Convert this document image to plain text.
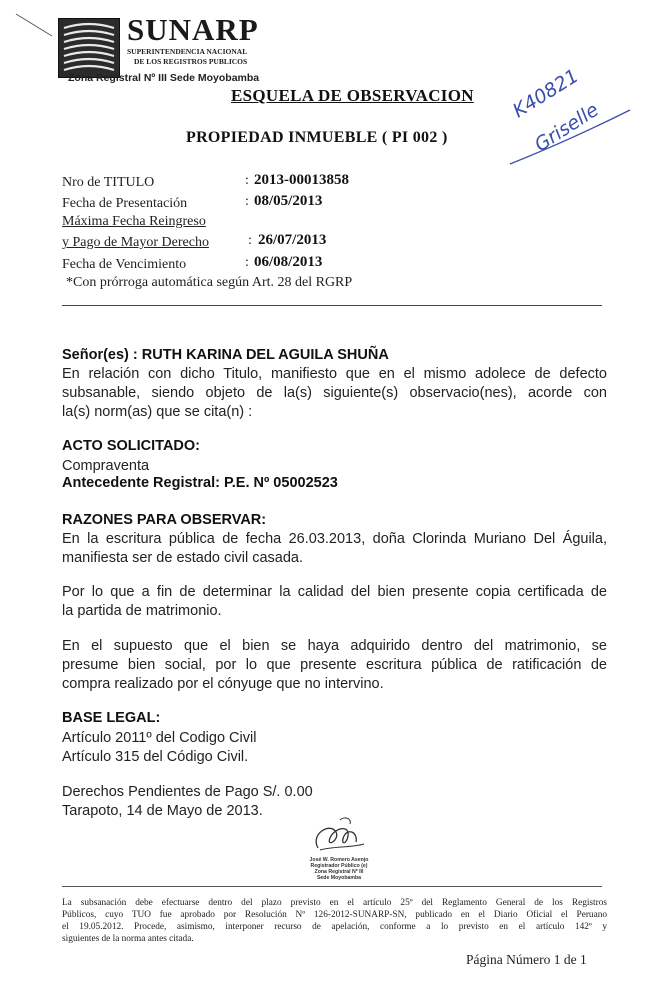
SUNARP
SUPERINTENDENCIA NACIONAL
DE LOS REGISTROS PUBLICOS
Zona Registral Nº III Sede Moyobamba
ESQUELA DE OBSERVACION
PROPIEDAD INMUEBLE ( PI 002 )
K40821
Griselle
Nro de TITULO	: 2013-00013858
Fecha de Presentación	: 08/05/2013
Máxima Fecha Reingreso
y Pago de Mayor Derecho	: 26/07/2013
Fecha de Vencimiento	: 06/08/2013
*Con prórroga automática según Art. 28 del RGRP
Señor(es) : RUTH KARINA DEL AGUILA SHUÑA
En relación con dicho Titulo, manifiesto que en el mismo adolece de defecto
subsanable, siendo objeto de la(s) siguiente(s) observacio(nes), acorde con
la(s) norm(as) que se cita(n) :
ACTO SOLICITADO:
Compraventa
Antecedente Registral: P.E. Nº 05002523
RAZONES PARA OBSERVAR:
En la escritura pública de fecha 26.03.2013, doña Clorinda Muriano Del Águila,
manifiesta ser de estado civil casada.
Por lo que a fin de determinar la calidad del bien presente copia certificada de
la partida de matrimonio.
En el supuesto que el bien se haya adquirido dentro del matrimonio, se
presume bien social, por lo que presente escritura pública de ratificación de
compra realizado por el cónyuge que no intervino.
BASE LEGAL:
Artículo 2011º del Codigo Civil
Artículo 315 del Código Civil.
Derechos Pendientes de Pago S/. 0.00
Tarapoto, 14 de Mayo de 2013.
José W. Romero Asenjo
Registrador Público (e)
Zona Registral Nº III
Sede Moyobamba
La subsanación debe efectuarse dentro del plazo previsto en el artículo 25º del Reglamento General de los Registros
Públicos, cuyo TUO fue aprobado por Resolución Nº 126-2012-SUNARP-SN, publicado en el Diario Oficial el Peruano
el 19.05.2012. Procede, asimismo, interponer recurso de apelación, conforme a lo previsto en el artículo 142º y
siguientes de la norma antes citada.
Página Número 1 de 1
